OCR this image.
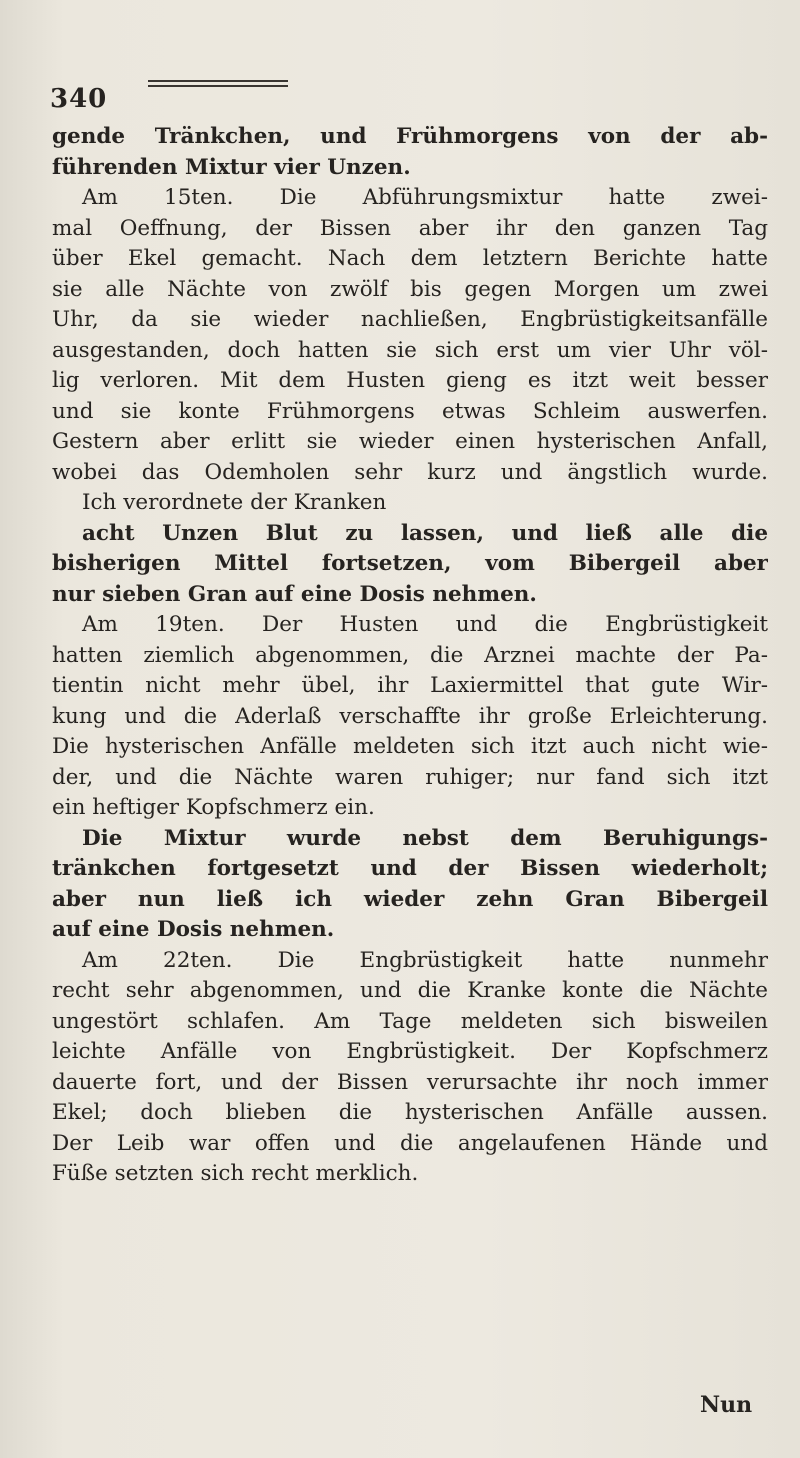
340
gende Tränkchen, und Frühmorgens von der ab-
führenden Mixtur vier Unzen.
Am 15ten. Die Abführungsmixtur hatte zwei-
mal Oeffnung, der Bissen aber ihr den ganzen Tag
über Ekel gemacht. Nach dem letztern Berichte hatte
sie alle Nächte von zwölf bis gegen Morgen um zwei
Uhr, da sie wieder nachließen, Engbrüstigkeitsanfälle
ausgestanden, doch hatten sie sich erst um vier Uhr völ-
lig verloren. Mit dem Husten gieng es itzt weit besser
und sie konte Frühmorgens etwas Schleim auswerfen.
Gestern aber erlitt sie wieder einen hysterischen Anfall,
wobei das Odemholen sehr kurz und ängstlich wurde.
Ich verordnete der Kranken
acht Unzen Blut zu lassen, und ließ alle die
bisherigen Mittel fortsetzen, vom Bibergeil aber
nur sieben Gran auf eine Dosis nehmen.
Am 19ten. Der Husten und die Engbrüstigkeit
hatten ziemlich abgenommen, die Arznei machte der Pa-
tientin nicht mehr übel, ihr Laxiermittel that gute Wir-
kung und die Aderlaß verschaffte ihr große Erleichterung.
Die hysterischen Anfälle meldeten sich itzt auch nicht wie-
der, und die Nächte waren ruhiger; nur fand sich itzt
ein heftiger Kopfschmerz ein.
Die Mixtur wurde nebst dem Beruhigungs-
tränkchen fortgesetzt und der Bissen wiederholt;
aber nun ließ ich wieder zehn Gran Bibergeil
auf eine Dosis nehmen.
Am 22ten. Die Engbrüstigkeit hatte nunmehr
recht sehr abgenommen, und die Kranke konte die Nächte
ungestört schlafen. Am Tage meldeten sich bisweilen
leichte Anfälle von Engbrüstigkeit. Der Kopfschmerz
dauerte fort, und der Bissen verursachte ihr noch immer
Ekel; doch blieben die hysterischen Anfälle aussen.
Der Leib war offen und die angelaufenen Hände und
Füße setzten sich recht merklich.
Nun
